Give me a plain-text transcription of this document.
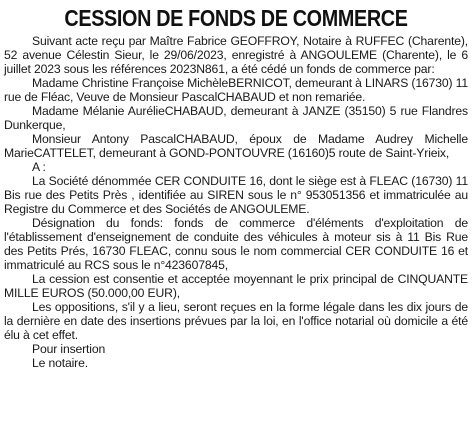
CESSION DE FONDS DE COMMERCE

Suivant acte reçu par Maître Fabrice GEOFFROY, Notaire à RUFFEC (Charente), 52 avenue Célestin Sieur, le 29/06/2023, enregistré à ANGOULEME (Charente), le 6 juillet 2023 sous les références 2023N861, a été cédé un fonds de commerce par:

Madame Christine Françoise MichèleBERNICOT, demeurant à LINARS (16730) 11 rue de Fléac, Veuve de Monsieur PascalCHABAUD et non remariée.

Madame Mélanie AurélieCHABAUD, demeurant à JANZE (35150) 5 rue Flandres Dunkerque,

Monsieur Antony PascalCHABAUD, époux de Madame Audrey Michelle MarieCATTELET, demeurant à GOND-PONTOUVRE (16160)5 route de Saint-Yrieix,

A :

La Société dénommée CER CONDUITE 16, dont le siège est à FLEAC (16730) 11 Bis rue des Petits Près , identifiée au SIREN sous le n° 953051356 et immatriculée au Registre du Commerce et des Sociétés de ANGOULEME.

Désignation du fonds: fonds de commerce d'éléments d'exploitation de l'établissement d'enseignement de conduite des véhicules à moteur sis à 11 Bis Rue des Petits Prés, 16730 FLEAC, connu sous le nom commercial CER CONDUITE 16 et immatriculé au RCS sous le n°423607845,

La cession est consentie et acceptée moyennant le prix principal de CINQUANTE MILLE EUROS (50.000,00 EUR),

Les oppositions, s'il y a lieu, seront reçues en la forme légale dans les dix jours de la dernière en date des insertions prévues par la loi, en l'office notarial où domicile a été élu à cet effet.

Pour insertion

Le notaire.
